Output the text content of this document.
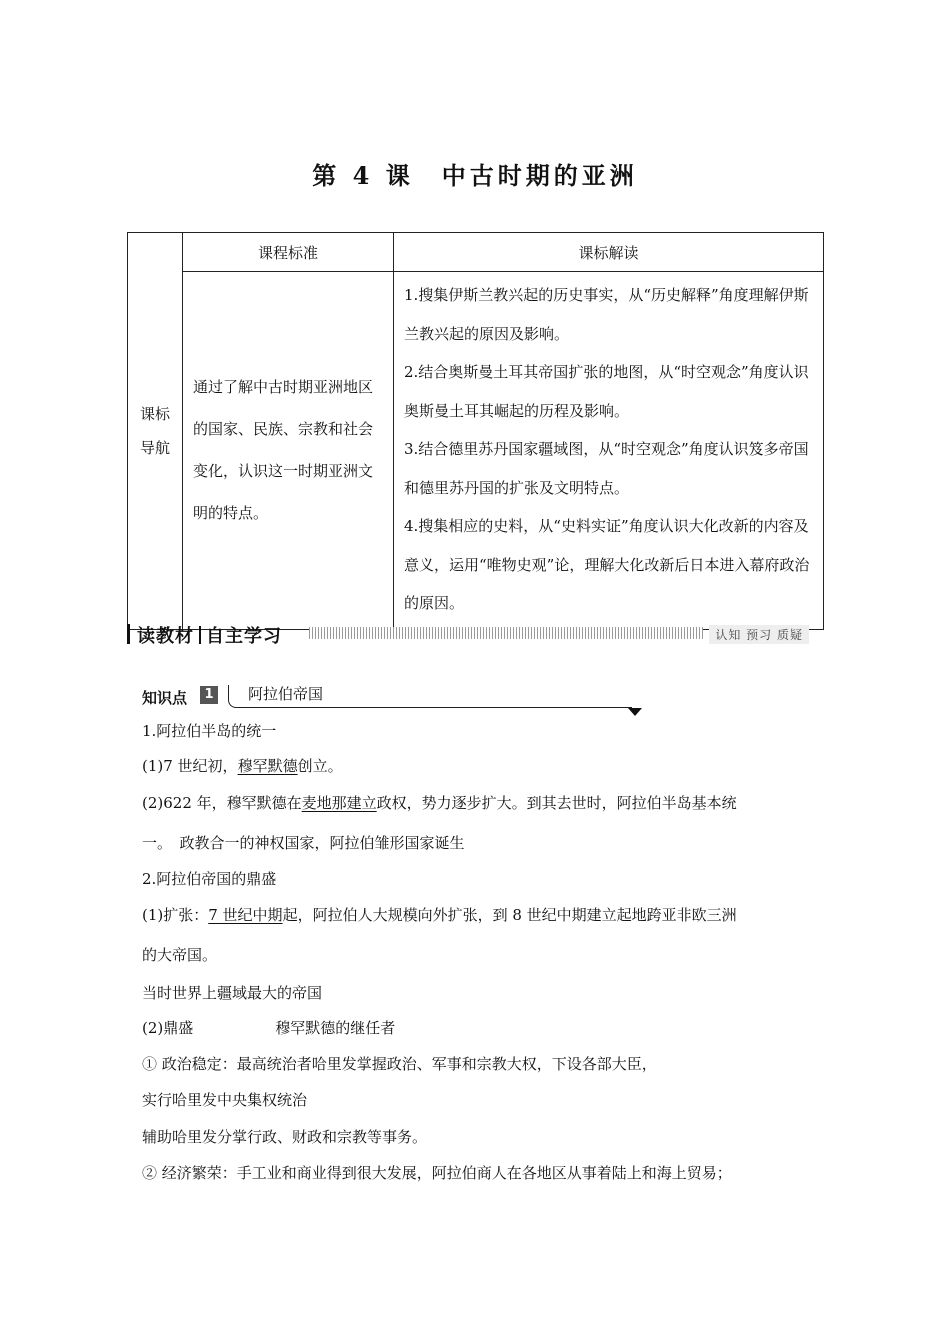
第 4 课　中古时期的亚洲
课标
导航	课程标准	课标解读
	通过了解中古时期亚洲地区的国家、民族、宗教和社会变化，认识这一时期亚洲文明的特点。	1.搜集伊斯兰教兴起的历史事实，从“历史解释”角度理解伊斯兰教兴起的原因及影响。

2.结合奥斯曼土耳其帝国扩张的地图，从“时空观念”角度认识奥斯曼土耳其崛起的历程及影响。

3.结合德里苏丹国家疆域图，从“时空观念”角度认识笈多帝国和德里苏丹国的扩张及文明特点。

4.搜集相应的史料，从“史料实证”角度认识大化改新的内容及意义，运用“唯物史观”论，理解大化改新后日本进入幕府政治的原因。

读教材 自主学习	认知 预习 质疑
知识点	1 阿拉伯帝国
1.阿拉伯半岛的统一
(1)7 世纪初，穆罕默德创立。
(2)622 年，穆罕默德在麦地那建立政权，势力逐步扩大。到其去世时，阿拉伯半岛基本统
一。　政教合一的神权国家，阿拉伯雏形国家诞生
2.阿拉伯帝国的鼎盛
(1)扩张：7 世纪中期起，阿拉伯人大规模向外扩张，到 8 世纪中期建立起地跨亚非欧三洲
的大帝国。
当时世界上疆域最大的帝国
(2)鼎盛	穆罕默德的继任者
① 政治稳定：最高统治者哈里发掌握政治、军事和宗教大权，下设各部大臣，
实行哈里发中央集权统治
辅助哈里发分掌行政、财政和宗教等事务。
② 经济繁荣：手工业和商业得到很大发展，阿拉伯商人在各地区从事着陆上和海上贸易；
